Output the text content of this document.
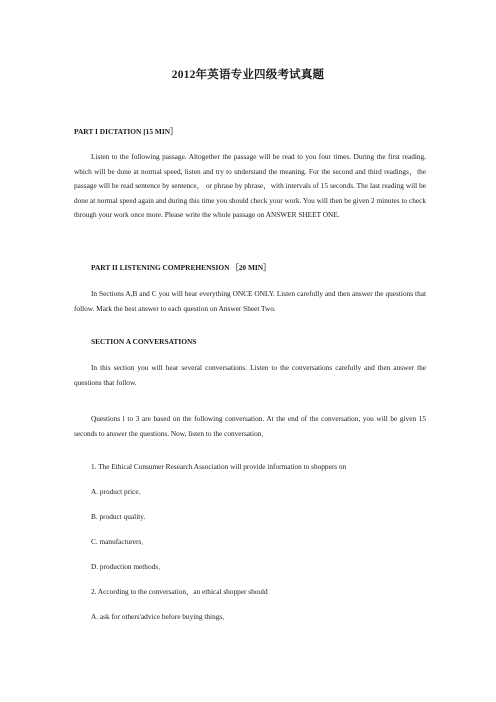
2012年英语专业四级考试真题
PART I DICTATION [15 MIN］
Listen to the following passage. Altogether the passage will be read to you four times. During the first reading, which will be done at normal speed, listen and try to understand the meaning. For the second and third readings，the passage will be read sentence by sentence， or phrase by phrase，with intervals of 15 seconds. The last reading will be done at normal speed again and during this time you should check your work. You will then be given 2 minutes to check through your work once more. Please write the whole passage on ANSWER SHEET ONE.
PART II LISTENING COMPREHENSION ［20 MIN］
In Sections A,B and C you will hear everything ONCE ONLY. Listen carefully and then answer the questions that follow. Mark the best answer to each question on Answer Sheet Two.
SECTION A CONVERSATIONS
In this section you will hear several conversations. Listen to the conversations carefully and then answer the questions that follow.
Questions l to 3 are based on the following conversation. At the end of the conversation, you will be given 15 seconds to answer the questions. Now, listen to the conversation．
1. The Ethical Consumer Research Association will provide information to shoppers on
A. product price．
B. product quality.
C. manufacturers．
D. production methods．
2. According to the conversation，an ethical shopper should
A. ask for others'advice before buying things．
